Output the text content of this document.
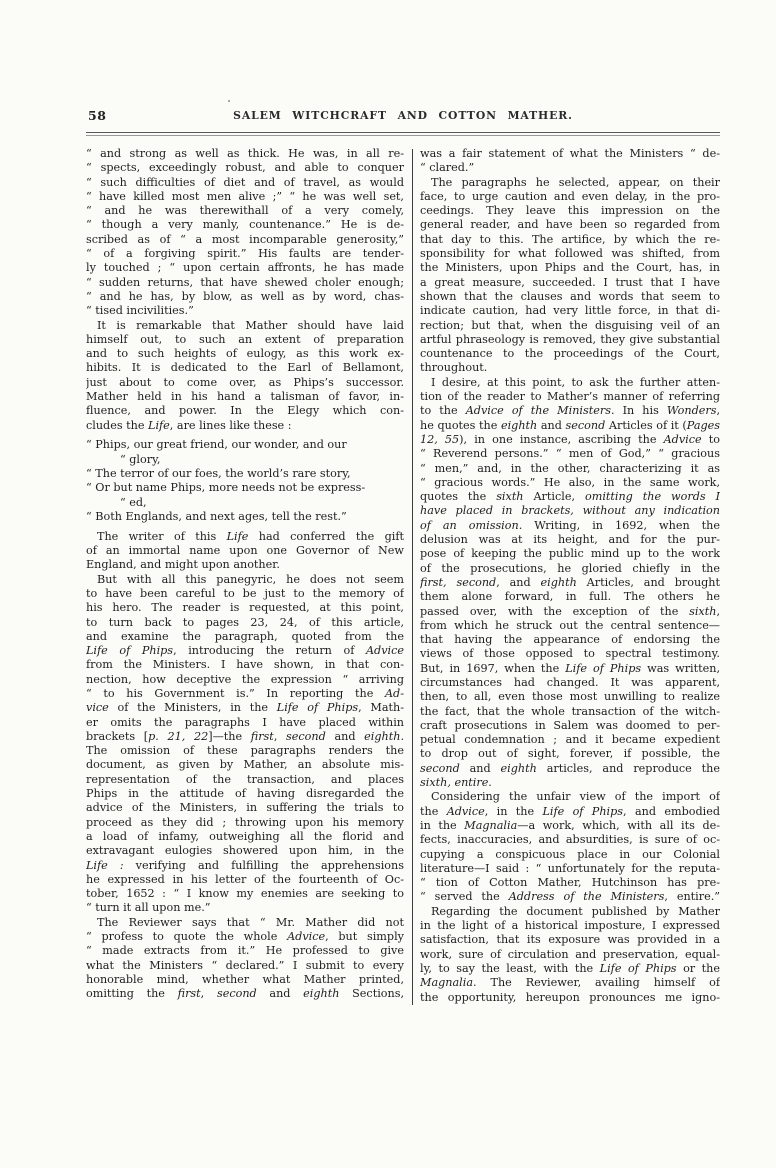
58	SALEM WITCHCRAFT AND COTTON MATHER.
“ and strong as well as thick. He was, in all re-
“ spects, exceedingly robust, and able to conquer
“ such difficulties of diet and of travel, as would
“ have killed most men alive ;” “ he was well set,
“ and he was therewithall of a very comely,
“ though a very manly, countenance.” He is de-
scribed as of “ a most incomparable generosity,”
“ of a forgiving spirit.” His faults are tender-
ly touched ; “ upon certain affronts, he has made
“ sudden returns, that have shewed choler enough;
“ and he has, by blow, as well as by word, chas-
“ tised incivilities.”
It is remarkable that Mather should have laid
himself out, to such an extent of preparation
and to such heights of eulogy, as this work ex-
hibits. It is dedicated to the Earl of Bellamont,
just about to come over, as Phips’s successor.
Mather held in his hand a talisman of favor, in-
fluence, and power. In the Elegy which con-
cludes the Life, are lines like these :
“ Phips, our great friend, our wonder, and our
“ glory,
“ The terror of our foes, the world’s rare story,
“ Or but name Phips, more needs not be express-
“ ed,
“ Both Englands, and next ages, tell the rest.”
The writer of this Life had conferred the gift
of an immortal name upon one Governor of New
England, and might upon another.
But with all this panegyric, he does not seem
to have been careful to be just to the memory of
his hero. The reader is requested, at this point,
to turn back to pages 23, 24, of this article,
and examine the paragraph, quoted from the
Life of Phips, introducing the return of Advice
from the Ministers. I have shown, in that con-
nection, how deceptive the expression “ arriving
“ to his Government is.” In reporting the Ad-
vice of the Ministers, in the Life of Phips, Math-
er omits the paragraphs I have placed within
brackets [p. 21, 22]—the first, second and eighth.
The omission of these paragraphs renders the
document, as given by Mather, an absolute mis-
representation of the transaction, and places
Phips in the attitude of having disregarded the
advice of the Ministers, in suffering the trials to
proceed as they did ; throwing upon his memory
a load of infamy, outweighing all the florid and
extravagant eulogies showered upon him, in the
Life : verifying and fulfilling the apprehensions
he expressed in his letter of the fourteenth of Oc-
tober, 1652 : “ I know my enemies are seeking to
“ turn it all upon me.”
The Reviewer says that “ Mr. Mather did not
“ profess to quote the whole Advice, but simply
“ made extracts from it.” He professed to give
what the Ministers “ declared.” I submit to every
honorable mind, whether what Mather printed,
omitting the first, second and eighth Sections,
was a fair statement of what the Ministers “ de-
“ clared.”
The paragraphs he selected, appear, on their
face, to urge caution and even delay, in the pro-
ceedings. They leave this impression on the
general reader, and have been so regarded from
that day to this. The artifice, by which the re-
sponsibility for what followed was shifted, from
the Ministers, upon Phips and the Court, has, in
a great measure, succeeded. I trust that I have
shown that the clauses and words that seem to
indicate caution, had very little force, in that di-
rection; but that, when the disguising veil of an
artful phraseology is removed, they give substantial
countenance to the proceedings of the Court,
throughout.
I desire, at this point, to ask the further atten-
tion of the reader to Mather’s manner of referring
to the Advice of the Ministers. In his Wonders,
he quotes the eighth and second Articles of it (Pages
12, 55), in one instance, ascribing the Advice to
“ Reverend persons.” “ men of God,” “ gracious
“ men,” and, in the other, characterizing it as
“ gracious words.” He also, in the same work,
quotes the sixth Article, omitting the words I
have placed in brackets, without any indication
of an omission. Writing, in 1692, when the
delusion was at its height, and for the pur-
pose of keeping the public mind up to the work
of the prosecutions, he gloried chiefly in the
first, second, and eighth Articles, and brought
them alone forward, in full. The others he
passed over, with the exception of the sixth,
from which he struck out the central sentence—
that having the appearance of endorsing the
views of those opposed to spectral testimony.
But, in 1697, when the Life of Phips was written,
circumstances had changed. It was apparent,
then, to all, even those most unwilling to realize
the fact, that the whole transaction of the witch-
craft prosecutions in Salem was doomed to per-
petual condemnation ; and it became expedient
to drop out of sight, forever, if possible, the
second and eighth articles, and reproduce the
sixth, entire.
Considering the unfair view of the import of
the Advice, in the Life of Phips, and embodied
in the Magnalia—a work, which, with all its de-
fects, inaccuracies, and absurdities, is sure of oc-
cupying a conspicuous place in our Colonial
literature—I said : “ unfortunately for the reputa-
“ tion of Cotton Mather, Hutchinson has pre-
“ served the Address of the Ministers, entire.”
Regarding the document published by Mather
in the light of a historical imposture, I expressed
satisfaction, that its exposure was provided in a
work, sure of circulation and preservation, equal-
ly, to say the least, with the Life of Phips or the
Magnalia. The Reviewer, availing himself of
the opportunity, hereupon pronounces me igno-
